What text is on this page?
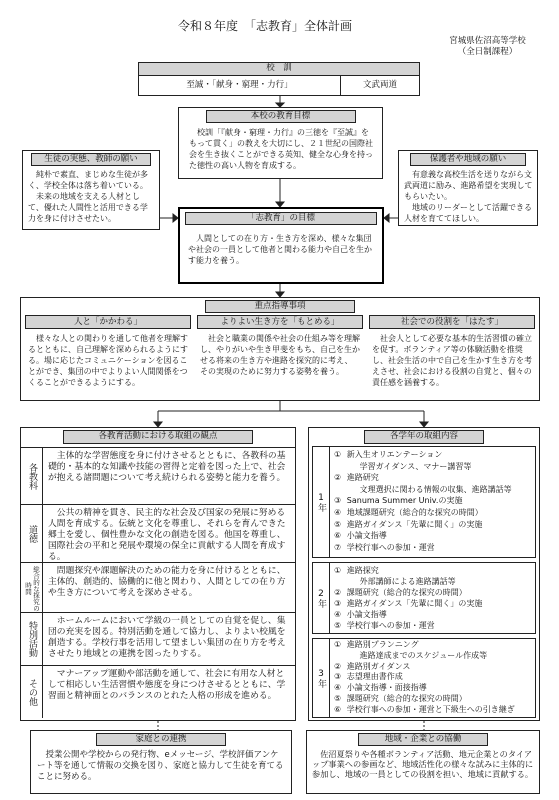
令和８年度　「志教育」全体計画
宮城県佐沼高等学校
（全日制課程）
校　訓
至誠・「献身・窮理・力行」	文武両道
本校の教育目標
校訓「『献身・窮理・力行』の三徳を『至誠』をもって貫く」の教えを大切にし、２１世紀の国際社会を生き抜くことができる英知、健全な心身を持った徳性の高い人物を育成する。
生徒の実態、教師の願い
純朴で素直、まじめな生徒が多く、学校全体は落ち着いている。
未来の地域を支える人材として、優れた人間性と活用できる学力を身に付けさせたい。
保護者や地域の願い
有意義な高校生活を送りながら文武両道に励み、進路希望を実現してもらいたい。
地域のリーダーとして活躍できる人材を育ててほしい。
「志教育」の目標
人間としての在り方・生き方を深め、様々な集団や社会の一員として他者と関わる能力や自己を生かす能力を養う。
重点指導事項
人と「かかわる」	よりよい生き方を「もとめる」	社会での役割を「はたす」
様々な人との関わりを通して他者を理解するとともに、自己理解を深められるようにする。場に応じたコミュニケーションを図ることができ、集団の中でよりよい人間関係をつくることができるようにする。
社会と職業の関係や社会の仕組み等を理解し、やりがいや生き甲斐をもち、自己を生かせる将来の生き方や進路を探究的に考え、その実現のために努力する姿勢を養う。
社会人として必要な基本的生活習慣の確立を促す。ボランティア等の体験活動を推奨し、社会生活の中で自己を生かす生き方を考えさせ、社会における役割の自覚と、個々の責任感を涵養する。
各教育活動における取組の観点
各教科
主体的な学習態度を身に付けさせるとともに、各教科の基礎的・基本的な知識や技能の習得と定着を図った上で、社会が抱える諸問題について考え続けられる姿勢と能力を養う。
道徳
公共の精神を貫き、民主的な社会及び国家の発展に努める人間を育成する。伝統と文化を尊重し、それらを育んできた郷土を愛し、個性豊かな文化の創造を図る。他国を尊重し、国際社会の平和と発展や環境の保全に貢献する人間を育成する。
総合的な探究の時間
問題探究や課題解決のための能力を身に付けるとともに、主体的、創造的、協働的に他と関わり、人間としての在り方や生き方について考えを深めさせる。
特別活動	ホームルームにおいて学級の一員としての自覚を促し、集団の充実を図る。特別活動を通して協力し、よりよい校風を創造する。学校行事を活用して望ましい集団の在り方を考えさせたり地域との連携を図ったりする。
その他
マナーアップ運動や部活動を通して、社会に有用な人材として相応しい生活習慣や態度を身につけさせるとともに、学習面と精神面とのバランスのとれた人格の形成を進める。
各学年の取組内容
1年
① 新入生オリエンテーション
学習ガイダンス、マナー講習等
② 進路研究
文理選択に関わる情報の収集、進路講話等
③ Sanuma Summer Univ.の実施
④ 地域課題研究（総合的な探究の時間）
⑤ 進路ガイダンス「先輩に聞く」の実施
⑥ 小論文指導
⑦ 学校行事への参加・運営
2年
① 進路探究
外部講師による進路講話等
② 課題研究（総合的な探究の時間）
③ 進路ガイダンス「先輩に聞く」の実施
④ 小論文指導
⑤ 学校行事への参加・運営
3年
① 進路別プランニング
進路達成までのスケジュール作成等
② 進路別ガイダンス
③ 志望理由書作成
④ 小論文指導・面接指導
⑤ 課題研究（総合的な探究の時間）
⑥ 学校行事への参加・運営と下級生への引き継ぎ
家庭との連携
授業公開や学校からの発行物、eメッセージ、学校評価アンケート等を通して情報の交換を図り、家庭と協力して生徒を育てることに努める。
地域・企業との協働
佐沼夏祭りや各種ボランティア活動、地元企業とのタイアップ事業への参画など、地域活性化の様々な試みに主体的に参加し、地域の一員としての役割を担い、地域に貢献する。
